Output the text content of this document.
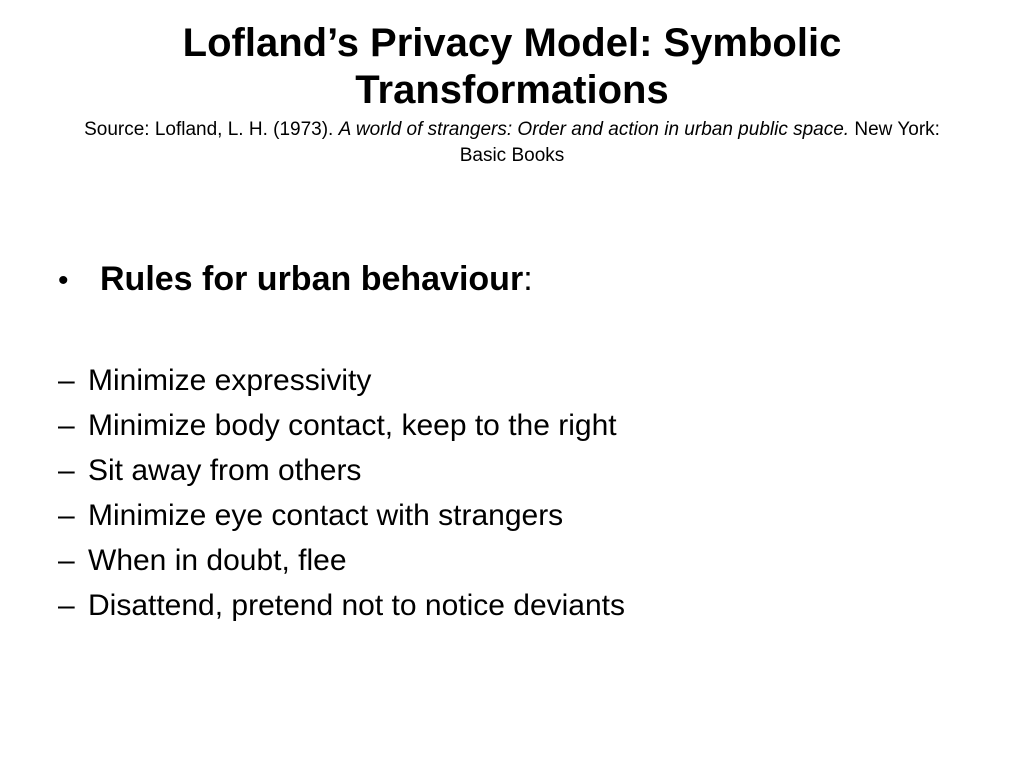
Lofland’s Privacy Model: Symbolic Transformations
Source: Lofland, L. H. (1973). A world of strangers: Order and action in urban public space. New York: Basic Books
• Rules for urban behaviour:
– Minimize expressivity
– Minimize body contact, keep to the right
– Sit away from others
– Minimize eye contact with strangers
– When in doubt, flee
– Disattend, pretend not to notice deviants
